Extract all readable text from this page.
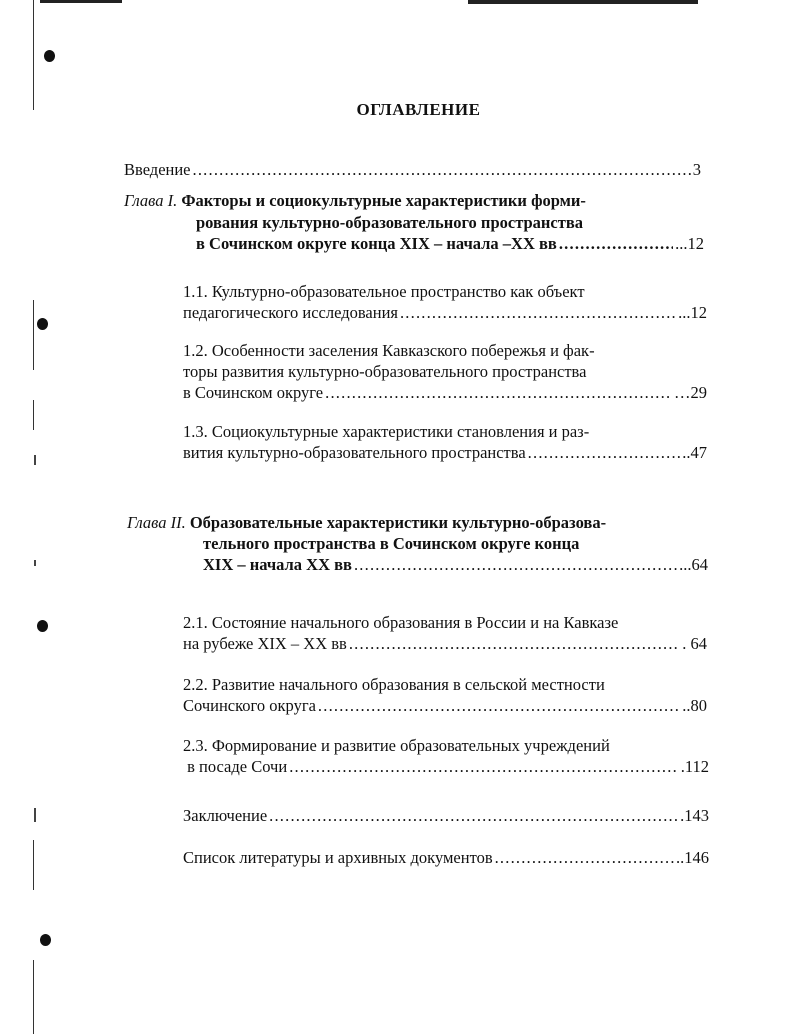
ОГЛАВЛЕНИЕ
Введение .....	3
Глава I. Факторы и социокультурные характеристики форми-
рования культурно-образовательного пространства
в Сочинском округе конца XIX – начала –XX вв .....	...12
1.1. Культурно-образовательное пространство как объект
педагогического исследования .....	...12
1.2. Особенности заселения Кавказского побережья и фак-
торы развития культурно-образовательного пространства
в Сочинском округе .....	…29
1.3. Социокультурные характеристики становления и раз-
вития культурно-образовательного пространства .....	..47
Глава II. Образовательные характеристики культурно-образова-
тельного пространства в Сочинском округе конца
XIX – начала XX вв .....	...64
2.1. Состояние начального образования в России и на Кавказе
на рубеже XIX – XX вв .....	. 64
2.2. Развитие начального образования в сельской местности
Сочинского округа .....	..80
2.3. Формирование и развитие образовательных учреждений
в посаде Сочи .....	.112
Заключение .....	.143
Список литературы и архивных документов .....	..146
